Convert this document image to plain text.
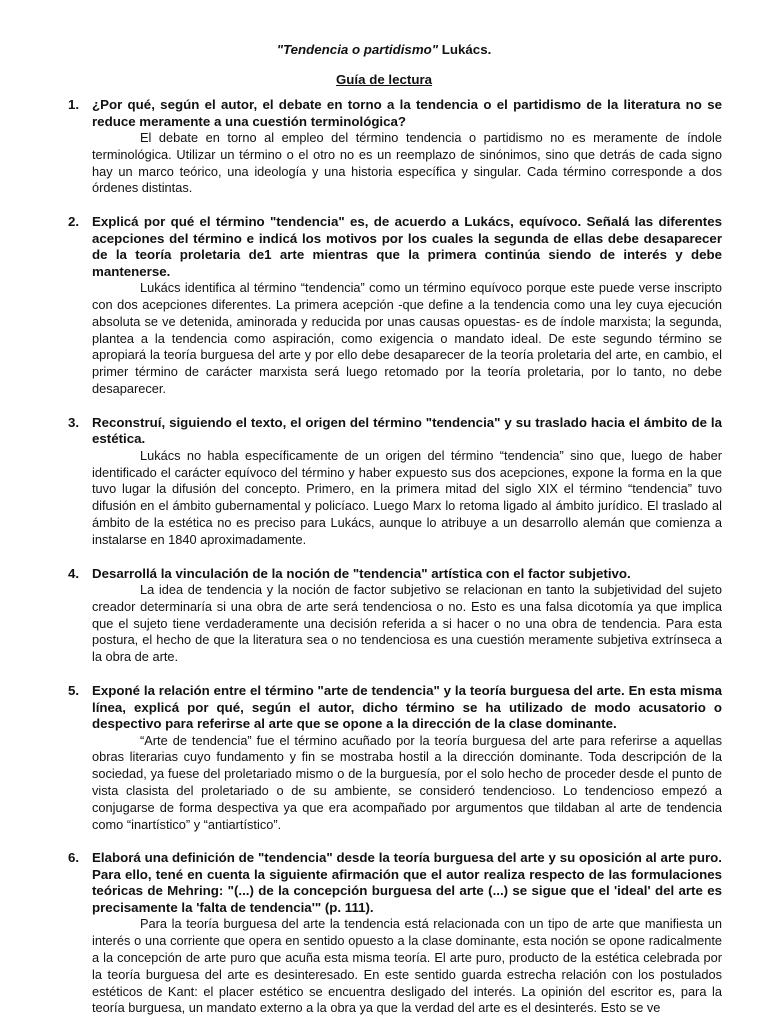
"Tendencia o partidismo" Lukács.
Guía de lectura
1. ¿Por qué, según el autor, el debate en torno a la tendencia o el partidismo de la literatura no se reduce meramente a una cuestión terminológica?

El debate en torno al empleo del término tendencia o partidismo no es meramente de índole terminológica. Utilizar un término o el otro no es un reemplazo de sinónimos, sino que detrás de cada signo hay un marco teórico, una ideología y una historia específica y singular. Cada término corresponde a dos órdenes distintas.

2. Explicá por qué el término "tendencia" es, de acuerdo a Lukács, equívoco. Señalá las diferentes acepciones del término e indicá los motivos por los cuales la segunda de ellas debe desaparecer de la teoría proletaria de1 arte mientras que la primera continúa siendo de interés y debe mantenerse.

Lukács identifica al término “tendencia” como un término equívoco porque este puede verse inscripto con dos acepciones diferentes. La primera acepción -que define a la tendencia como una ley cuya ejecución absoluta se ve detenida, aminorada y reducida por unas causas opuestas- es de índole marxista; la segunda, plantea a la tendencia como aspiración, como exigencia o mandato ideal. De este segundo término se apropiará la teoría burguesa del arte y por ello debe desaparecer de la teoría proletaria del arte, en cambio, el primer término de carácter marxista será luego retomado por la teoría proletaria, por lo tanto, no debe desaparecer.

3. Reconstruí, siguiendo el texto, el origen del término "tendencia" y su traslado hacia el ámbito de la estética.

Lukács no habla específicamente de un origen del término “tendencia” sino que, luego de haber identificado el carácter equívoco del término y haber expuesto sus dos acepciones, expone la forma en la que tuvo lugar la difusión del concepto. Primero, en la primera mitad del siglo XIX el término “tendencia” tuvo difusión en el ámbito gubernamental y policíaco. Luego Marx lo retoma ligado al ámbito jurídico. El traslado al ámbito de la estética no es preciso para Lukács, aunque lo atribuye a un desarrollo alemán que comienza a instalarse en 1840 aproximadamente.

4. Desarrollá la vinculación de la noción de "tendencia" artística con el factor subjetivo.

La idea de tendencia y la noción de factor subjetivo se relacionan en tanto la subjetividad del sujeto creador determinaría si una obra de arte será tendenciosa o no. Esto es una falsa dicotomía ya que implica que el sujeto tiene verdaderamente una decisión referida a si hacer o no una obra de tendencia. Para esta postura, el hecho de que la literatura sea o no tendenciosa es una cuestión meramente subjetiva extrínseca a la obra de arte.

5. Exponé la relación entre el término "arte de tendencia" y la teoría burguesa del arte. En esta misma línea, explicá por qué, según el autor, dicho término se ha utilizado de modo acusatorio o despectivo para referirse al arte que se opone a la dirección de la clase dominante.

“Arte de tendencia” fue el término acuñado por la teoría burguesa del arte para referirse a aquellas obras literarias cuyo fundamento y fin se mostraba hostil a la dirección dominante. Toda descripción de la sociedad, ya fuese del proletariado mismo o de la burguesía, por el solo hecho de proceder desde el punto de vista clasista del proletariado o de su ambiente, se consideró tendencioso. Lo tendencioso empezó a conjugarse de forma despectiva ya que era acompañado por argumentos que tildaban al arte de tendencia como “inartístico” y “antiartístico”.

6. Elaborá una definición de "tendencia" desde la teoría burguesa del arte y su oposición al arte puro. Para ello, tené en cuenta la siguiente afirmación que el autor realiza respecto de las formulaciones teóricas de Mehring: "(...) de la concepción burguesa del arte (...) se sigue que el 'ideal' del arte es precisamente la 'falta de tendencia'" (p. 111).

Para la teoría burguesa del arte la tendencia está relacionada con un tipo de arte que manifiesta un interés o una corriente que opera en sentido opuesto a la clase dominante, esta noción se opone radicalmente a la concepción de arte puro que acuña esta misma teoría. El arte puro, producto de la estética celebrada por la teoría burguesa del arte es desinteresado. En este sentido guarda estrecha relación con los postulados estéticos de Kant: el placer estético se encuentra desligado del interés. La opinión del escritor es, para la teoría burguesa, un mandato externo a la obra ya que la verdad del arte es el desinterés. Esto se ve
